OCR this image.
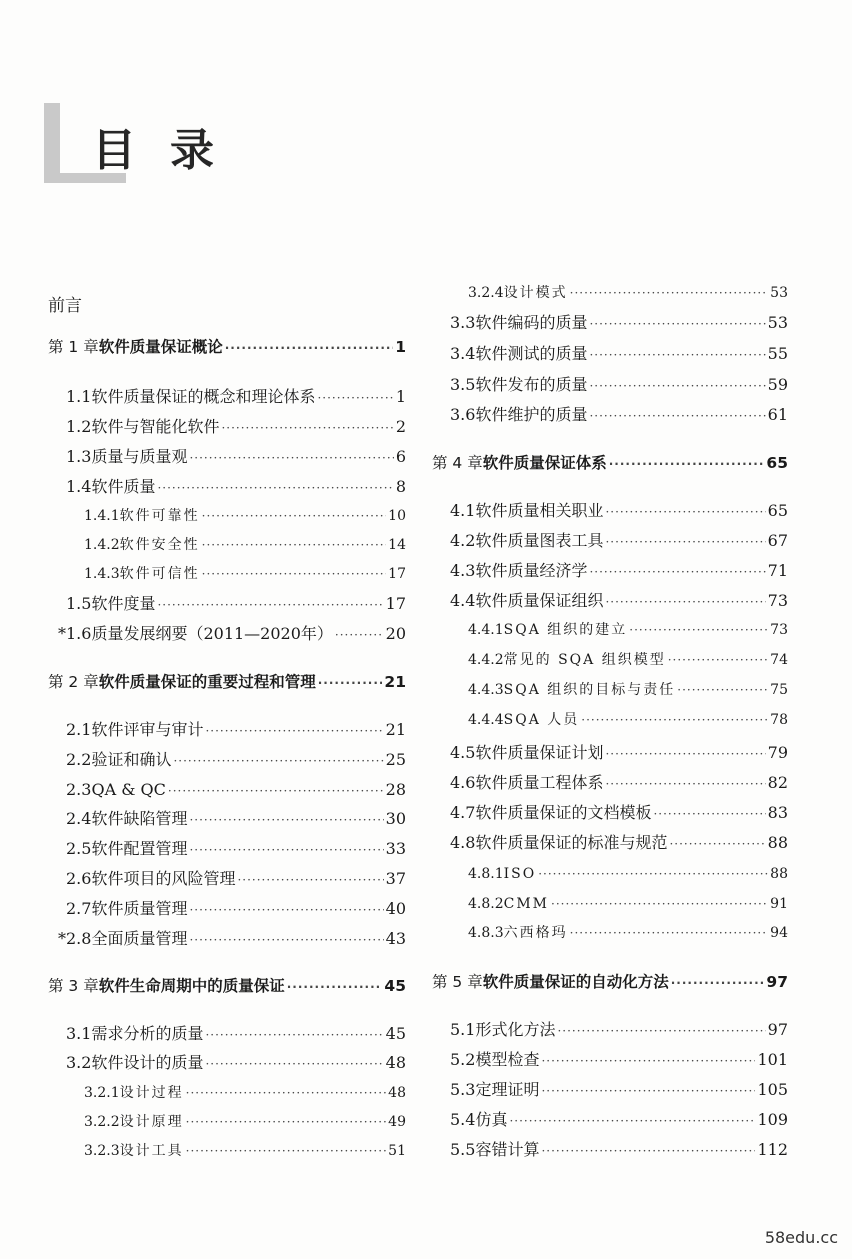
目录
前言
第 1 章 软件质量保证概论 ·····	1
1.1 软件质量保证的概念和理论体系 ·····	1
1.2 软件与智能化软件 ·····	2
1.3 质量与质量观 ·····	6
1.4 软件质量 ·····	8
1.4.1 软件可靠性 ·····	10
1.4.2 软件安全性 ·····	14
1.4.3 软件可信性 ·····	17
1.5 软件度量 ·····	17
*1.6 质量发展纲要（2011—2020年） ·····	20
第 2 章 软件质量保证的重要过程和管理 ·····	21
2.1 软件评审与审计 ·····	21
2.2 验证和确认 ·····	25
2.3 QA & QC ·····	28
2.4 软件缺陷管理 ·····	30
2.5 软件配置管理 ·····	33
2.6 软件项目的风险管理 ·····	37
2.7 软件质量管理 ·····	40
*2.8 全面质量管理 ·····	43
第 3 章 软件生命周期中的质量保证 ·····	45
3.1 需求分析的质量 ·····	45
3.2 软件设计的质量 ·····	48
3.2.1 设计过程 ·····	48
3.2.2 设计原理 ·····	49
3.2.3 设计工具 ·····	51
3.2.4 设计模式 ·····	53
3.3 软件编码的质量 ·····	53
3.4 软件测试的质量 ·····	55
3.5 软件发布的质量 ·····	59
3.6 软件维护的质量 ·····	61
第 4 章 软件质量保证体系 ·····	65
4.1 软件质量相关职业 ·····	65
4.2 软件质量图表工具 ·····	67
4.3 软件质量经济学 ·····	71
4.4 软件质量保证组织 ·····	73
4.4.1 SQA 组织的建立 ·····	73
4.4.2 常见的 SQA 组织模型 ·····	74
4.4.3 SQA 组织的目标与责任 ·····	75
4.4.4 SQA 人员 ·····	78
4.5 软件质量保证计划 ·····	79
4.6 软件质量工程体系 ·····	82
4.7 软件质量保证的文档模板 ·····	83
4.8 软件质量保证的标准与规范 ·····	88
4.8.1 ISO ·····	88
4.8.2 CMM ·····	91
4.8.3 六西格玛 ·····	94
第 5 章 软件质量保证的自动化方法 ·····	97
5.1 形式化方法 ·····	97
5.2 模型检查 ·····	101
5.3 定理证明 ·····	105
5.4 仿真 ·····	109
5.5 容错计算 ·····	112
58edu.cc
